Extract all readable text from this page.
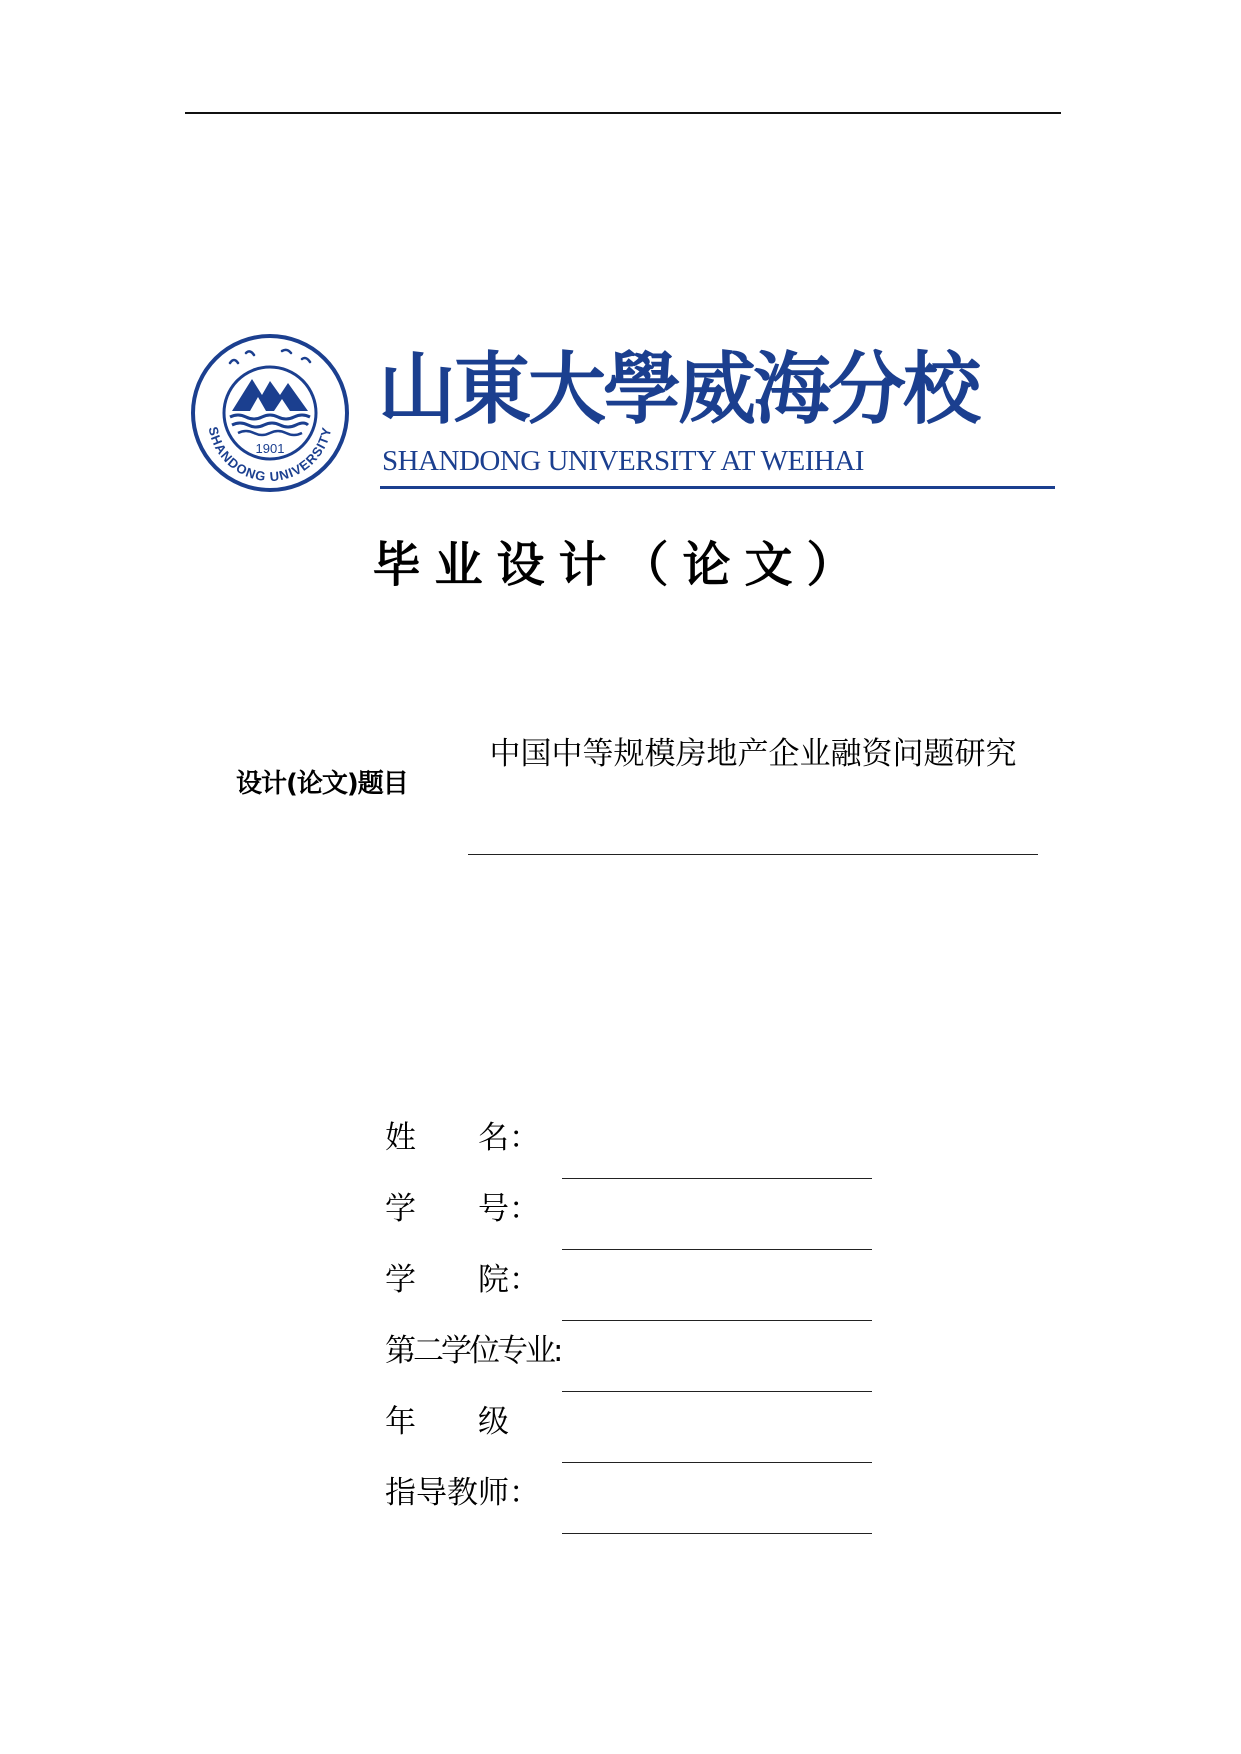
1901
SHANDONG UNIVERSITY 山東大學威海分校
SHANDONG UNIVERSITY AT WEIHAI
毕业设计（论文）
设计(论文)题目
中国中等规模房地产企业融资问题研究
姓　　名：
学　　号：
学　　院：
第二学位专业:
年　　级
指导教师：
